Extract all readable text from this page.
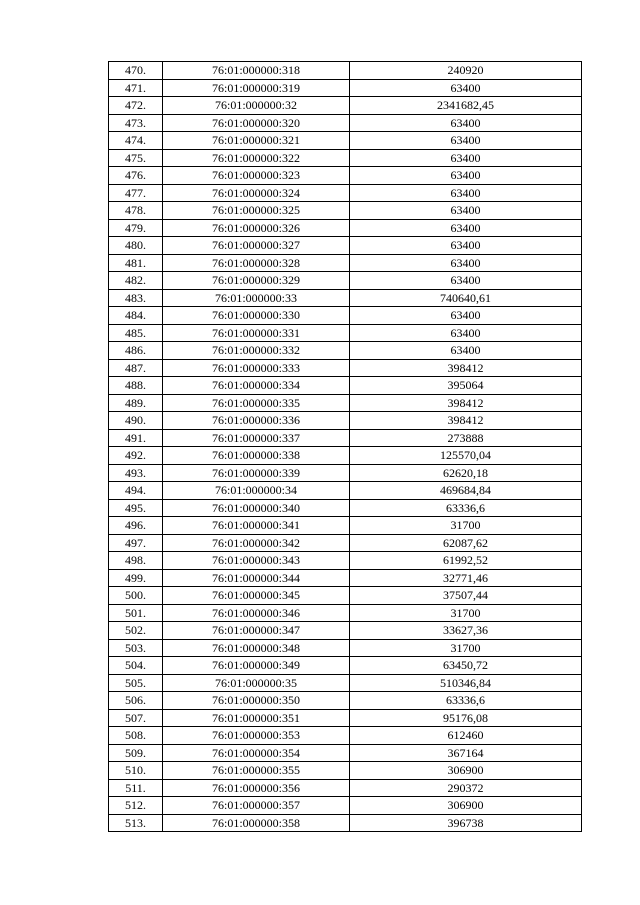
470.	76:01:000000:318	240920
471.	76:01:000000:319	63400
472.	76:01:000000:32	2341682,45
473.	76:01:000000:320	63400
474.	76:01:000000:321	63400
475.	76:01:000000:322	63400
476.	76:01:000000:323	63400
477.	76:01:000000:324	63400
478.	76:01:000000:325	63400
479.	76:01:000000:326	63400
480.	76:01:000000:327	63400
481.	76:01:000000:328	63400
482.	76:01:000000:329	63400
483.	76:01:000000:33	740640,61
484.	76:01:000000:330	63400
485.	76:01:000000:331	63400
486.	76:01:000000:332	63400
487.	76:01:000000:333	398412
488.	76:01:000000:334	395064
489.	76:01:000000:335	398412
490.	76:01:000000:336	398412
491.	76:01:000000:337	273888
492.	76:01:000000:338	125570,04
493.	76:01:000000:339	62620,18
494.	76:01:000000:34	469684,84
495.	76:01:000000:340	63336,6
496.	76:01:000000:341	31700
497.	76:01:000000:342	62087,62
498.	76:01:000000:343	61992,52
499.	76:01:000000:344	32771,46
500.	76:01:000000:345	37507,44
501.	76:01:000000:346	31700
502.	76:01:000000:347	33627,36
503.	76:01:000000:348	31700
504.	76:01:000000:349	63450,72
505.	76:01:000000:35	510346,84
506.	76:01:000000:350	63336,6
507.	76:01:000000:351	95176,08
508.	76:01:000000:353	612460
509.	76:01:000000:354	367164
510.	76:01:000000:355	306900
511.	76:01:000000:356	290372
512.	76:01:000000:357	306900
513.	76:01:000000:358	396738
